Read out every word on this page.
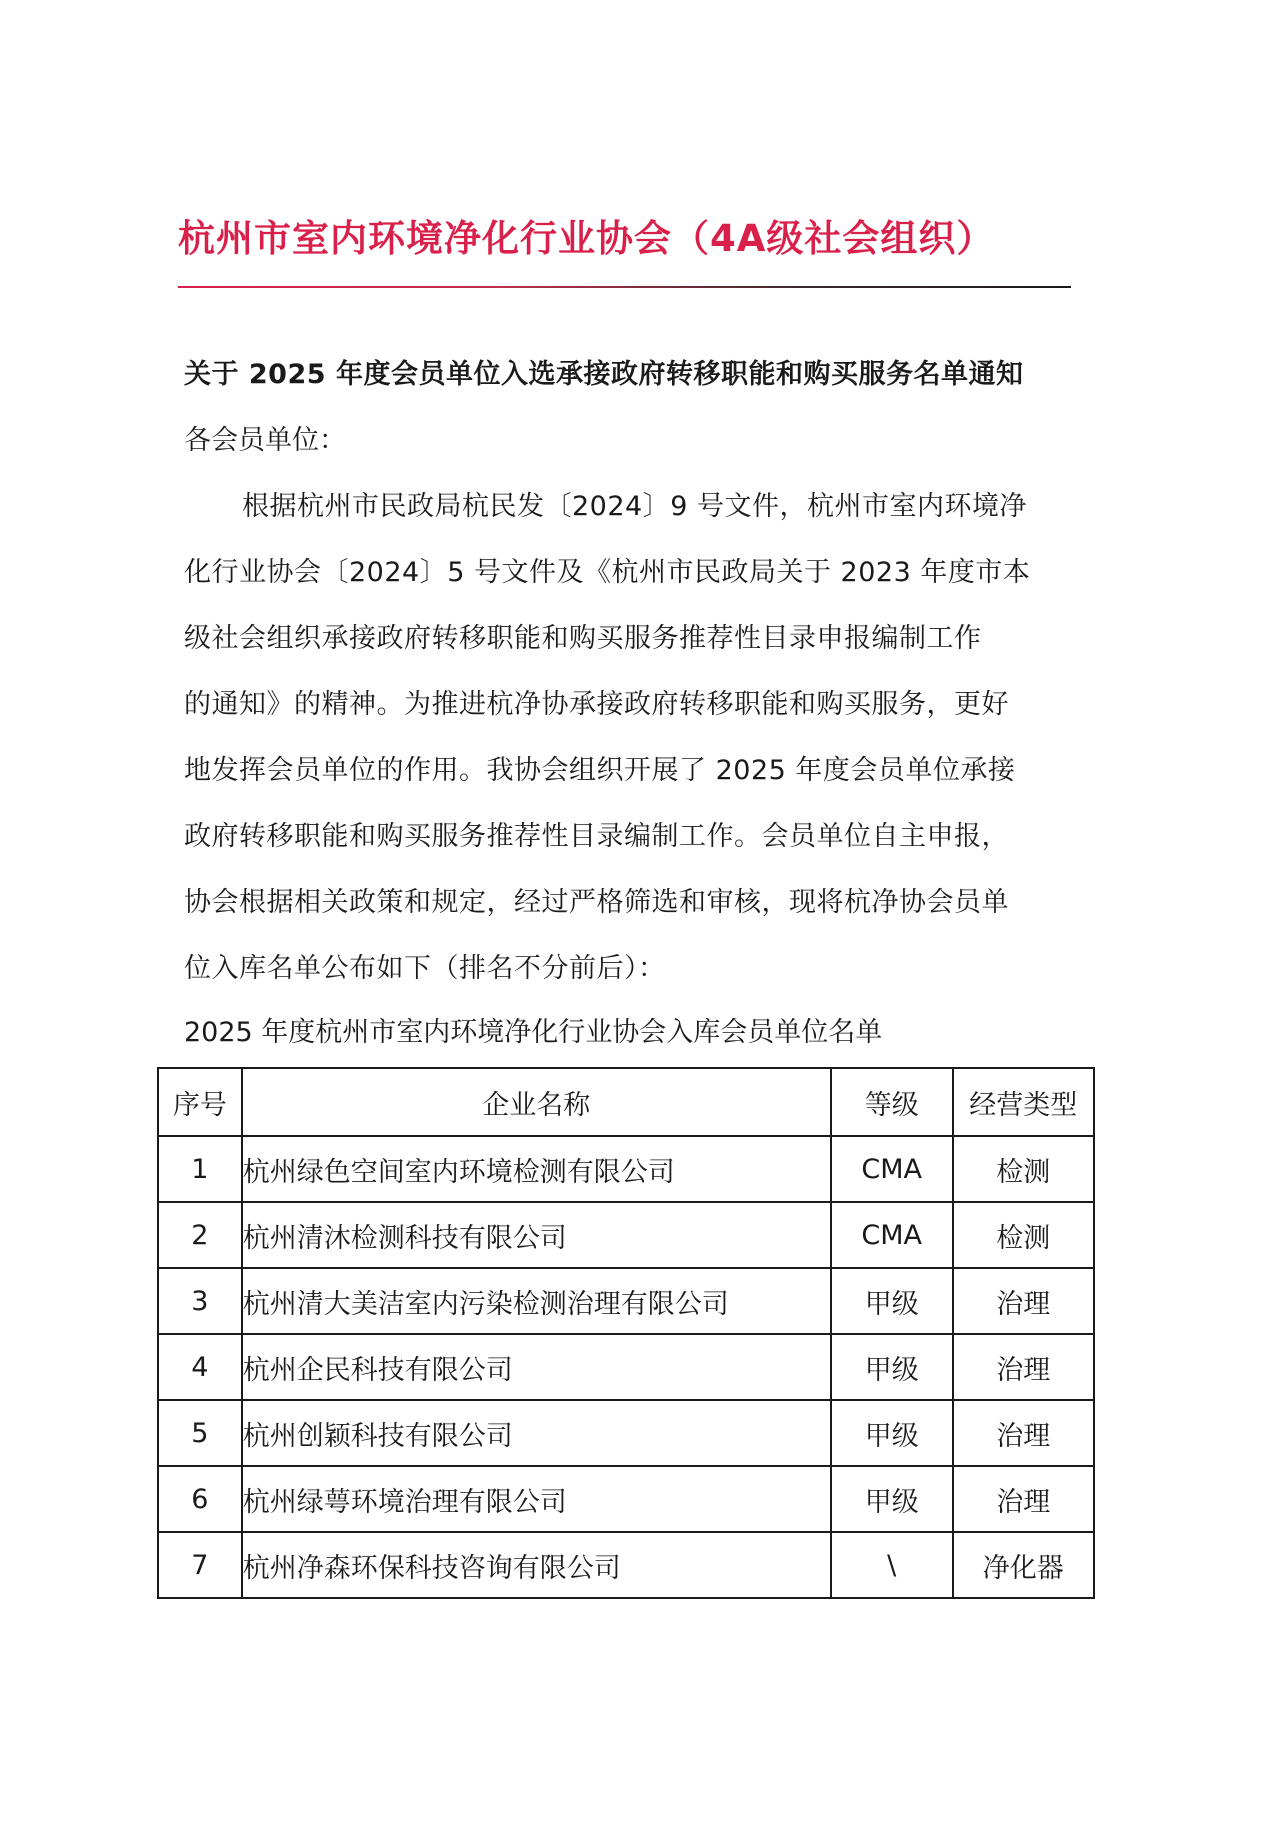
杭州市室内环境净化行业协会（4A级社会组织）
关于 2025 年度会员单位入选承接政府转移职能和购买服务名单通知
各会员单位：
根据杭州市民政局杭民发〔2024〕9 号文件，杭州市室内环境净
化行业协会〔2024〕5 号文件及《杭州市民政局关于 2023 年度市本
级社会组织承接政府转移职能和购买服务推荐性目录申报编制工作
的通知》的精神。为推进杭净协承接政府转移职能和购买服务，更好
地发挥会员单位的作用。我协会组织开展了 2025 年度会员单位承接
政府转移职能和购买服务推荐性目录编制工作。会员单位自主申报，
协会根据相关政策和规定，经过严格筛选和审核，现将杭净协会员单
位入库名单公布如下（排名不分前后）：
2025 年度杭州市室内环境净化行业协会入库会员单位名单
序号	企业名称	等级	经营类型
1	杭州绿色空间室内环境检测有限公司	CMA	检测
2	杭州清沐检测科技有限公司	CMA	检测
3	杭州清大美洁室内污染检测治理有限公司	甲级	治理
4	杭州企民科技有限公司	甲级	治理
5	杭州创颖科技有限公司	甲级	治理
6	杭州绿萼环境治理有限公司	甲级	治理
7	杭州净森环保科技咨询有限公司	\	净化器
